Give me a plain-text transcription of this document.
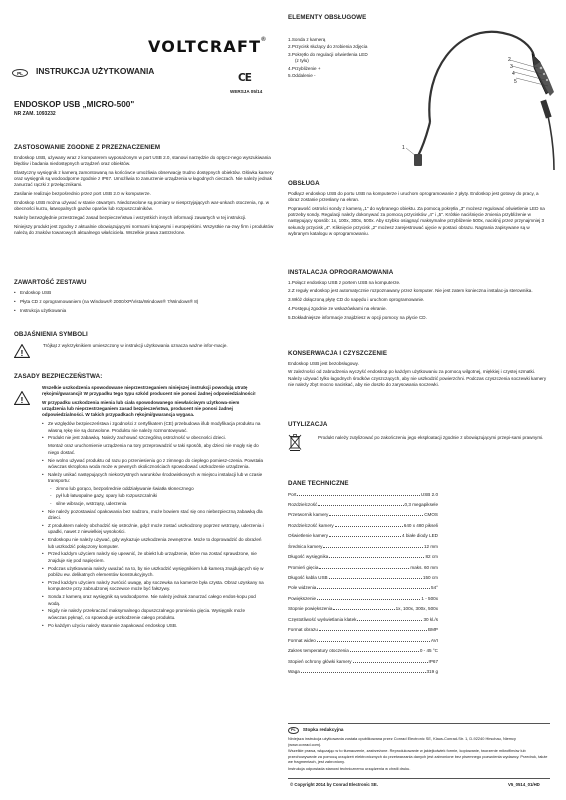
VOLTCRAFT®
PL	INSTRUKCJA UŻYTKOWANIA
CE
WERSJA 05/14
ENDOSKOP USB „MICRO-500"
NR ZAM. 1093232
ZASTOSOWANIE ZGODNE Z PRZEZNACZENIEM
Endoskop USB, używany wraz z komputerem wyposażonym w port USB 2.0, stanowi narzędzie do optycz-nego wyszukiwania błędów i badania niedostępnych urządzeń oraz obiektów.
Elastyczny wysięgnik z kamerą zamontowaną na końcówce umożliwia obserwację trudno dostępnych obiektów. Główka kamery oraz wysięgnik są wodoodporne zgodnie z IP67. Umożliwia to zanurzenie urządzenia w łagodnych cieczach. Nie należy jednak zanurzać rączki z przełącznikami.
Zasilanie realizuje bezpośrednio przez port USB 2.0 w komputerze.
Endoskop USB można używać w stanie otwartym. Niedozwolone są pomiary w niesprzyjających war-unkach otoczenia, np. w obecności kurzu, łatwopalnych gazów oparów lub rozpuszczalników.
Należy bezwzględnie przestrzegać zasad bezpieczeństwa i wszystkich innych informacji zawartych w tej instrukcji.
Niniejszy produkt jest zgodny z aktualnie obowiązującymi normami krajowymi i europejskimi. Wszystkie na-zwy firm i produktów należą do znaków towarowych aktualnego właściciela. Wszelkie prawa zastrzeżone.
ZAWARTOŚĆ ZESTAWU
• Endoskop USB
• Płyta CD z oprogramowaniem (na Windows® 2000/XP/Vista/Windows® 7/Windows® 8)
• Instrukcja użytkowania
OBJAŚNIENIA SYMBOLI
!
Trójkąt z wykrzyknikiem umieszczony w instrukcji użytkowania oznacza ważne infor-macje.
ZASADY BEZPIECZEŃSTWA:
!
Wszelkie uszkodzenia spowodowane nieprzestrzeganiem niniejszej instrukcji powodują utratę rękojmi/gwarancji! W przypadku tego typu szkód producent nie ponosi żadnej odpowiedzialności!
W przypadku uszkodzenia mienia lub ciała spowodowanego niewłaściwym użytkowa-niem urządzenia lub nieprzestrzeganiem zasad bezpieczeństwa, producent nie ponosi żadnej odpowiedzialności. W takich przypadkach rękojmi/gwarancja wygasa.
• Ze względów bezpieczeństwa i zgodności z certyfikatem (CE) przebudowa i/lub modyfikacja produktu na własną rękę nie są dozwolone. Produktu nie należy rozmontowywać.
• Produkt nie jest zabawką. Należy zachować szczególną ostrożność w obecności dzieci.
Montaż oraz uruchomienie urządzenia na tory przeprowadzić w taki sposób, aby dzieci nie mogły się do niego dostać.
• Nie wolno używać produktu od razu po przeniesieniu go z zimnego do ciepłego pomiesz-czenia. Powstała wówczas skroplona woda może w pewnych okolicznościach spowodować uszkodzenie urządzenia.
• Należy unikać następujących niekorzystnych warunków środowiskowych w miejscu instalacji lub w czasie transportu:
- zimno lub gorąco, bezpośrednie oddziaływanie światła słonecznego
- pył lub łatwopalne gazy, opary lub rozpuszczalniki
- silne wibracje, wstrząsy, uderzenia
• Nie należy pozostawiać opakowania bez nadzoru, może bowiem stać się ono niebezpieczną zabawką dla dzieci.
• Z produktem należy obchodzić się ostrożnie, gdyż może zostać uszkodzony poprzez wstrząsy, uderzenia i upadki, nawet z niewielkiej wysokości.
• Endoskopu nie należy używać, gdy wykazuje uszkodzenia zewnętrzne. Może to doprowadzić do obrażeń lub uszkodzić połączony komputer.
• Przed każdym użyciem należy się upewnić, że obiekt lub urządzenie, które ma zostać sprawdzone, nie znajduje się pod napięciem.
• Podczas użytkowania należy uważać na to, by nie uszkodzić wysięgnikiem lub kamerą znajdujących się w pobliżu ew. delikatnych elementów konstrukcyjnych.
• Przed każdym użyciem należy zwrócić uwagę, aby soczewka na kamerze była czysta. Obraz uzyskany na komputerze przy zabrudzonej soczewce może być fałszywy.
• Sonda z kamerą oraz wysięgnik są wodoodporne. Nie należy jednak zanurzać całego endos-kopu pod wodą.
• Nigdy nie należy przekraczać maksymalnego dopuszczalnego promienia gięcia. Wysięgnik może wówczas pęknąć, co spowoduje uszkodzenie całego produktu.
• Po każdym użyciu należy starannie zapakować endoskop USB.
ELEMENTY OBSŁUGOWE
1.Sonda z kamerą
2.Przycisk służący do zrobienia zdjęcia
3.Pokrętło do regulacji oświetlenia LED
(z tyłu)
4.Przybliżenie +
5.Oddalenie -
2
3
4
5
1
OBSŁUGA
Podłącz endoskop USB do portu USB na komputerze i uruchom oprogramowanie z płyty. Endoskop jest gotowy do pracy, a obraz zostanie przesłany na ekran.
Poprawość ostrości sondy z kamerą „1" do wybranego obiektu. Za pomocą pokrętła „3" możesz regulować oświetlenie LED na potrzeby sondy. Regulacji należy dokonywać za pomocą przycisków „4" i „5". Krótkie naciśnięcie zmienia przybliżenie w następujący sposób: 1x, 100x, 300x, 500x. Aby szybko osiągnąć maksymalne przybliżenie 500x, naciśnij przez przynajmniej 3 sekundy przycisk „4". Kliknięcie przycisk „2" możesz zarejestrować ujęcie w postaci obrazu. Nagrania zapisywane są w wybranym katalogu w oprogramowaniu.
INSTALACJA OPROGRAMOWANIA
1.Połącz endoskop USB z portem USB na komputerze.
2.Z reguły endoskop jest automatycznie rozpoznawany przez komputer. Nie jest zatem konieczna instalac-ja sterownika.
3.Włóż dołączoną płytę CD do napędu i uruchom oprogramowanie.
4.Postępuj zgodnie ze wskazówkami na ekranie.
5.Dokładniejsze informacje znajdziesz w opcji pomocy na płycie CD.
KONSERWACJA I CZYSZCZENIE
Endoskop USB jest bezobsługowy.
W zależności od zabrudzenia wyczyść endoskop po każdym użytkowaniu za pomocą wilgotnej, miękkiej i czystej szmatki. Należy używać tylko łagodnych środków czyszczących, aby nie uszkodzić powierzchni. Podczas czyszczenia soczewki kamery nie należy zbyt mocno naciskać, aby nie doszło do zarysowania soczewki.
UTYLIZACJA
Produkt należy zutylizować po zakończeniu jego eksploatacji zgodnie z obowiązującymi przepi-sami prawnymi.
DANE TECHNICZNE
Port	USB 2.0
Rozdzielczość	0,3 megapiksele
Przetwornik kamery	CMOS
Rozdzielczość kamery	640 x 480 pikseli
Oświetlenie kamery	4 białe diody LED
Średnica kamery	12 mm
Długość wysięgnika	82 cm
Promień gięcia	maks. 60 mm
Długość kabla USB	150 cm
Pole widzenia	54°
Powiększenie	1 - 500x
Stopnie powiększenia	1x, 100x, 300x, 500x
Częstotliwość wyświetlania klatek	30 kl./s
Format obrazu	BMP
Format wideo	AVI
Zakres temperatury otoczenia	0 - 45 °C
Stopień ochrony główki kamery	IP67
Waga	319 g
PL	Stopka redakcyjna
Niniejsza instrukcja użytkowania została opublikowana przez Conrad Electronic SE, Klaus-Conrad-Str. 1, D-92240 Hirschau, Niemcy (www.conrad.com).
Wszelkie prawa, włączając w to tłumaczenie, zastrzeżone. Reprodukowanie w jakiejkolwiek formie, kopiowanie, tworzenie mikrofilmów lub przechowywanie za pomocą urządzeń elektronicznych do przetwarzania danych jest zabronione bez pisemnego pozwolenia wydawcy. Przedruk, także we fragmentach, jest zabroniony.
Instrukcja odpowiada stanowi technicznemu urządzenia w chwili druku.
© Copyright 2014 by Conrad Electronic SE.	V5_0514_01/HD
